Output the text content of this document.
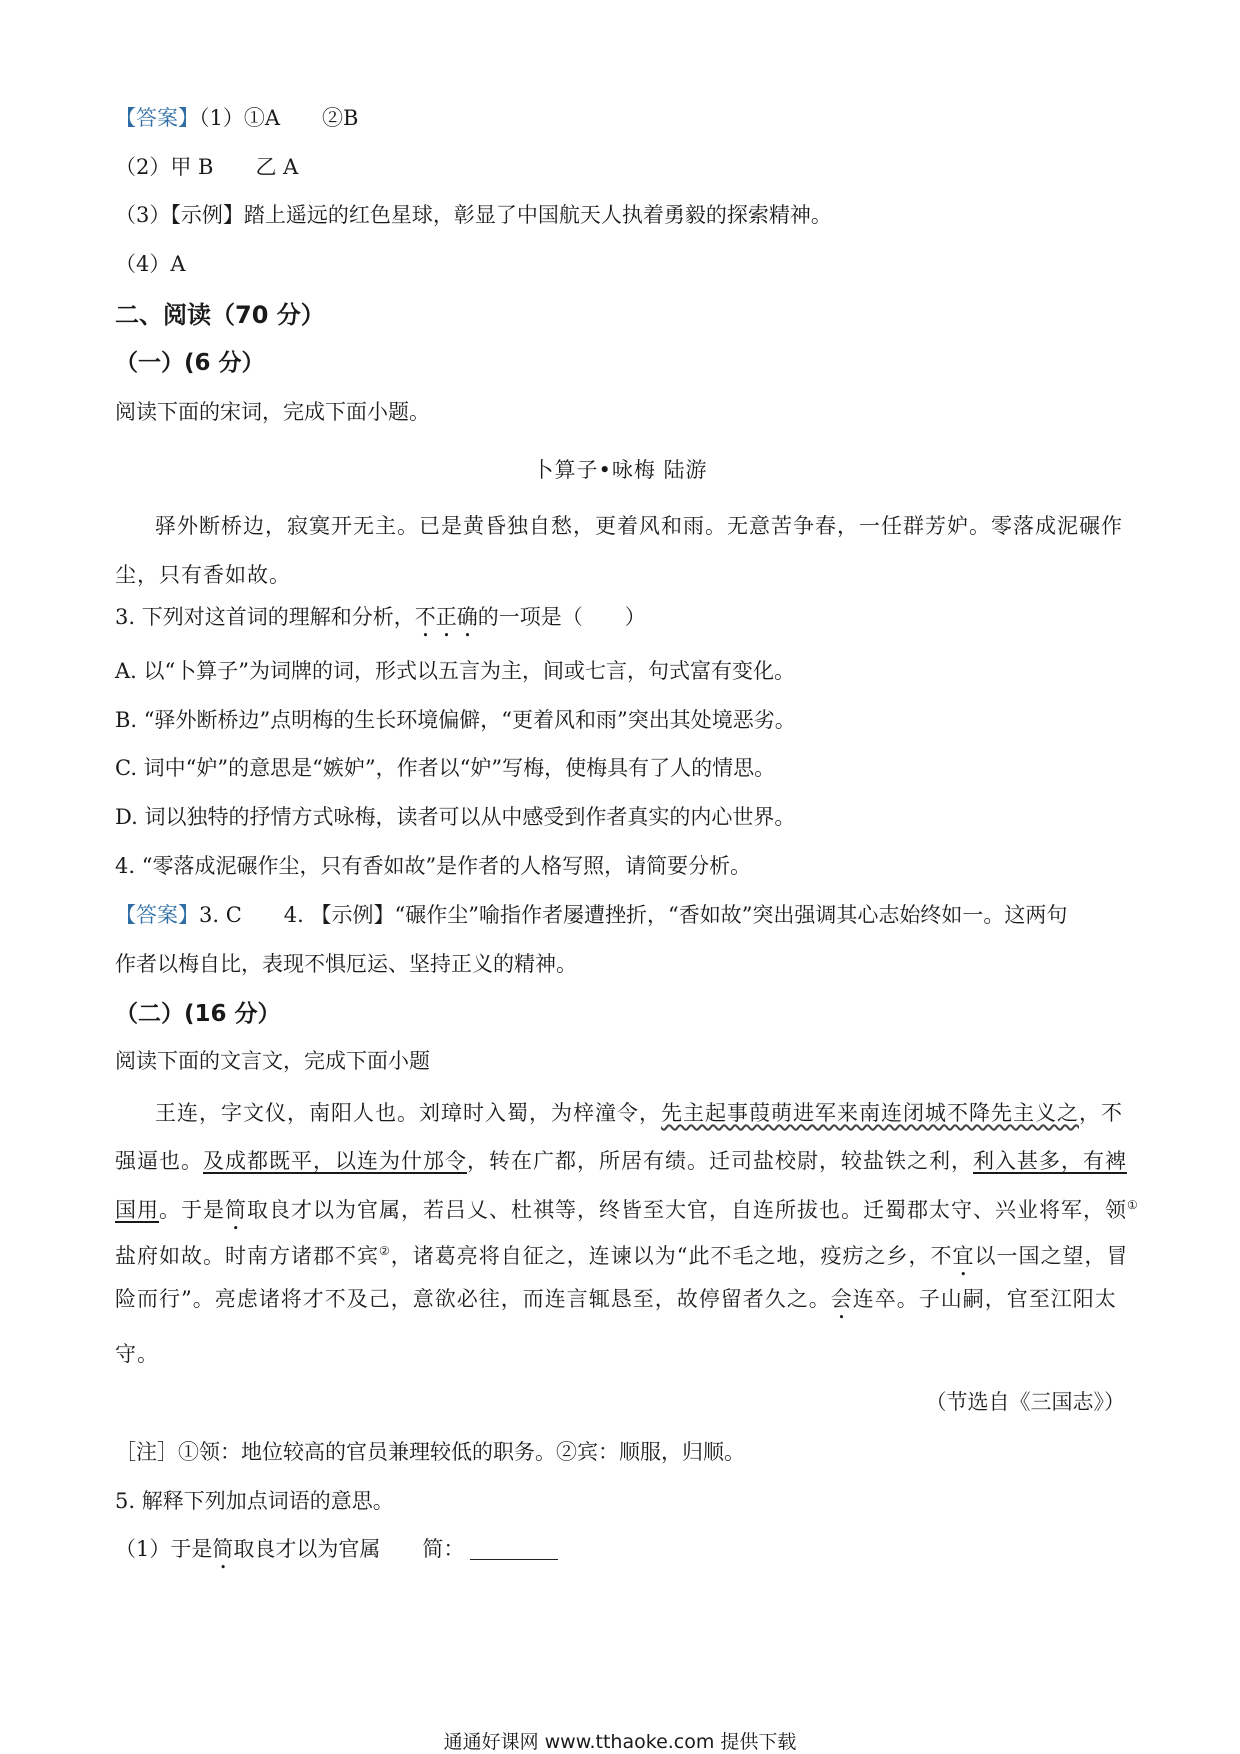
【答案】（1）①A　　②B
（2）甲 B　　乙 A
（3）【示例】踏上遥远的红色星球，彰显了中国航天人执着勇毅的探索精神。
（4）A
二、阅读（70 分）
（一）(6 分）
阅读下面的宋词，完成下面小题。
卜算子•咏梅 陆游
驿外断桥边，寂寞开无主。已是黄昏独自愁，更着风和雨。无意苦争春，一任群芳妒。零落成泥碾作
尘，只有香如故。
3. 下列对这首词的理解和分析，不正确的一项是（　　）
A. 以“卜算子”为词牌的词，形式以五言为主，间或七言，句式富有变化。
B. “驿外断桥边”点明梅的生长环境偏僻，“更着风和雨”突出其处境恶劣。
C. 词中“妒”的意思是“嫉妒”，作者以“妒”写梅，使梅具有了人的情思。
D. 词以独特的抒情方式咏梅，读者可以从中感受到作者真实的内心世界。
4. “零落成泥碾作尘，只有香如故”是作者的人格写照，请简要分析。
【答案】3. C　　4. 【示例】“碾作尘”喻指作者屡遭挫折，“香如故”突出强调其心志始终如一。这两句
作者以梅自比，表现不惧厄运、坚持正义的精神。
（二）(16 分）
阅读下面的文言文，完成下面小题
王连，字文仪，南阳人也。刘璋时入蜀，为梓潼令，先主起事葭萌进军来南连闭城不降先主义之，不
强逼也。及成都既平，以连为什邡令，转在广都，所居有绩。迁司盐校尉，较盐铁之利，利入甚多，有裨
国用。于是简取良才以为官属，若吕乂、杜祺等，终皆至大官，自连所拔也。迁蜀郡太守、兴业将军，领①
盐府如故。时南方诸郡不宾②，诸葛亮将自征之，连谏以为“此不毛之地，疫疠之乡，不宜以一国之望，冒
险而行”。亮虑诸将才不及己，意欲必往，而连言辄恳至，故停留者久之。会连卒。子山嗣，官至江阳太
守。
（节选自《三国志》）
［注］①领：地位较高的官员兼理较低的职务。②宾：顺服，归顺。
5. 解释下列加点词语的意思。
（1）于是简取良才以为官属　　简：
通通好课网 www.tthaoke.com 提供下载
